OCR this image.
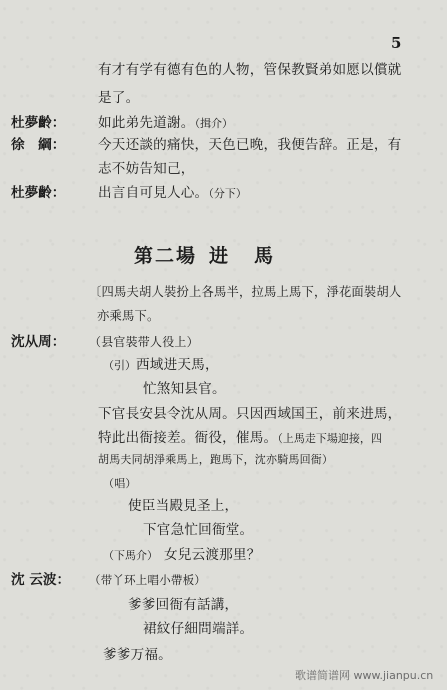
5
有才有学有德有色的人物，管保教賢弟如愿以償就
是了。
杜夢齡： 如此弟先道謝。（揖介）
徐　綱： 今天还談的痛快，天色已晚，我便告辞。正是，有
志不妨告知己，
杜夢齡： 出言自可見人心。（分下）
第二場 进 馬
〔四馬夫胡人裝扮上各馬半，拉馬上馬下，淨花面裝胡人
亦乘馬下。
沈从周： （县官裝带人役上）
（引）西域进天馬，
忙煞知县官。
下官長安县令沈从周。只因西域国王，前来进馬，
特此出衙接差。衙役，催馬。（上馬走下場迎接，四
胡馬夫同胡淨乘馬上，跑馬下，沈亦騎馬回衙）
（唱）
使臣当殿見圣上，
下官急忙回衙堂。
（下馬介） 女兒云渡那里？
沈 云波： （带丫环上唱小帶板）
爹爹回衙有話講，
裙紋仔細問端詳。
爹爹万福。
歌谱简谱网 www.jianpu.cn
